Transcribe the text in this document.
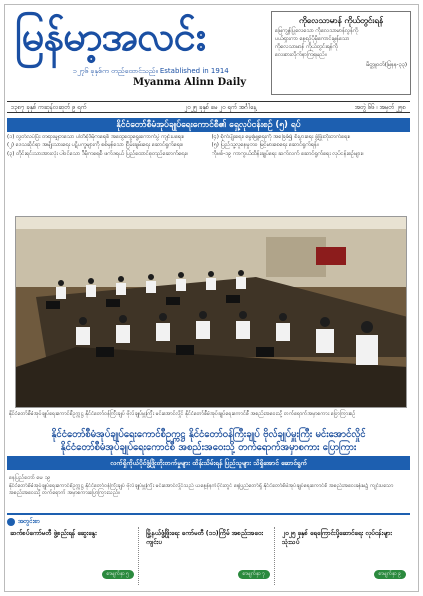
မြန်မာ့အလင်း
၁၂၇၆ ခုနှစ်က တည်ထောင်သည်။ Established in 1914
Myanma Alinn Daily
ကိုလေသာမာန် ကိုယ်တွင်းရန်
မြေကျွန်ပြုလေသော ကိုလေသာမာန်လွန်ကို
ပယ်ရှားကာ နေ့စဉ်ပိုမိုကောင်းမွန်သော
ကိုလေသာမာန် ကိုယ်တွင်းရန်ကို
လေးစားလိုက်နာကြရမည်။
မိတ္တူဝတ်(မြနန-၃၃)
၁၃၈၇ ခုနှစ် ကဆုန်လဆုတ် ၉ ရက်	၂၀၂၅ ခုနှစ် မေ ၂၀ ရက် အင်္ဂါနေ့	အတွဲ ၆၆ ၊ အမှတ် ၂၅၈
နိုင်ငံတော်စီမံအုပ်ချုပ်ရေးကောင်စီ၏ ရှေ့လုပ်ငန်းစဉ် (၅) ရပ်

(၁) လွတ်လပ်ပြီး တရားမျှတသော ပါတီစုံဒီမိုကရေစီ အထွေထွေရွေးကောက်ပွဲ ကျင်းပရေး။

(၂) ဒေသဆိုင်ရာ အမျိုးသားရေး ပဋိပက္ခများကို စစ်မှန်သော ငြိမ်းချမ်းရေး ဆောင်ရွက်ရေး။

(၃) တိုင်းရင်းသားအားလုံး ပါဝင်သော ဒီမိုကရေစီ ဖက်ဒရယ် ပြည်ထောင်စုတည်ဆောက်ရေး။

(၄) စိုက်ပျိုးရေး၊ မွေးမြူရေးကို အခြေခံ၍ စီးပွားရေး ဖွံ့ဖြိုးတိုးတက်ရေး။

(၅) ပြည်သူ့လူနေမှုဘဝ မြင့်မားစေရေး ဆောင်ရွက်ရန်။

ကိုဗစ်-၁၉ ကာကွယ်ထိန်းချုပ်ရေး ဆက်လက် ဆောင်ရွက်ရေး လုပ်ငန်းစဉ်များ။

နိုင်ငံတော်စီမံအုပ်ချုပ်ရေးကောင်စီဥက္ကဋ္ဌ နိုင်ငံတော်ဝန်ကြီးချုပ် ဗိုလ်ချုပ်မှူးကြီး မင်းအောင်လှိုင် နိုင်ငံတော်စီမံအုပ်ချုပ်ရေးကောင်စီ အစည်းအဝေးသို့ တက်ရောက်အမှာစကား ပြောကြားစဉ်
နိုင်ငံတော်စီမံအုပ်ချုပ်ရေးကောင်စီဥက္ကဋ္ဌ နိုင်ငံတော်ဝန်ကြီးချုပ် ဗိုလ်ချုပ်မှူးကြီး မင်းအောင်လှိုင်
နိုင်ငံတော်စီမံအုပ်ချုပ်ရေးကောင်စီ အစည်းအဝေးသို့ တက်ရောက်အမှာစကား ပြောကြား
လက်ရှိကိုယ်ပိုင်ဖွံ့ဖြိုးတိုးတက်မှုများ ထိန်းသိမ်းရန် ပြည်သူများ သိရှိအောင် ဆောင်ရွက်
နေပြည်တော် မေ ၁၉
နိုင်ငံတော်စီမံအုပ်ချုပ်ရေးကောင်စီဥက္ကဋ္ဌ နိုင်ငံတော်ဝန်ကြီးချုပ် ဗိုလ်ချုပ်မှူးကြီး မင်းအောင်လှိုင်သည် ယနေ့နံနက်ပိုင်းတွင် နေပြည်တော်ရှိ နိုင်ငံတော်စီမံအုပ်ချုပ်ရေးကောင်စီ အစည်းအဝေးခန်းမ၌ ကျင်းပသော အစည်းအဝေးသို့ တက်ရောက် အမှာစကားပြောကြားသည်။
အတွင်းစာ
ဆက်စပ်ကော်မတီ ဖွဲ့စည်းရန် ဆွေးနွေး
စာမျက်နှာ ၅
မြို့နယ်ဖွံ့ဖြိုးရေး ကော်မတီ (၁၁)ကြိမ် အစည်းအဝေး ကျင်းပ
စာမျက်နှာ ၇
၂၀၂၅ ခုနှစ် ရေကြောင်းပို့ဆောင်ရေး လုပ်ငန်းများ သုံးသပ်
စာမျက်နှာ ၉
